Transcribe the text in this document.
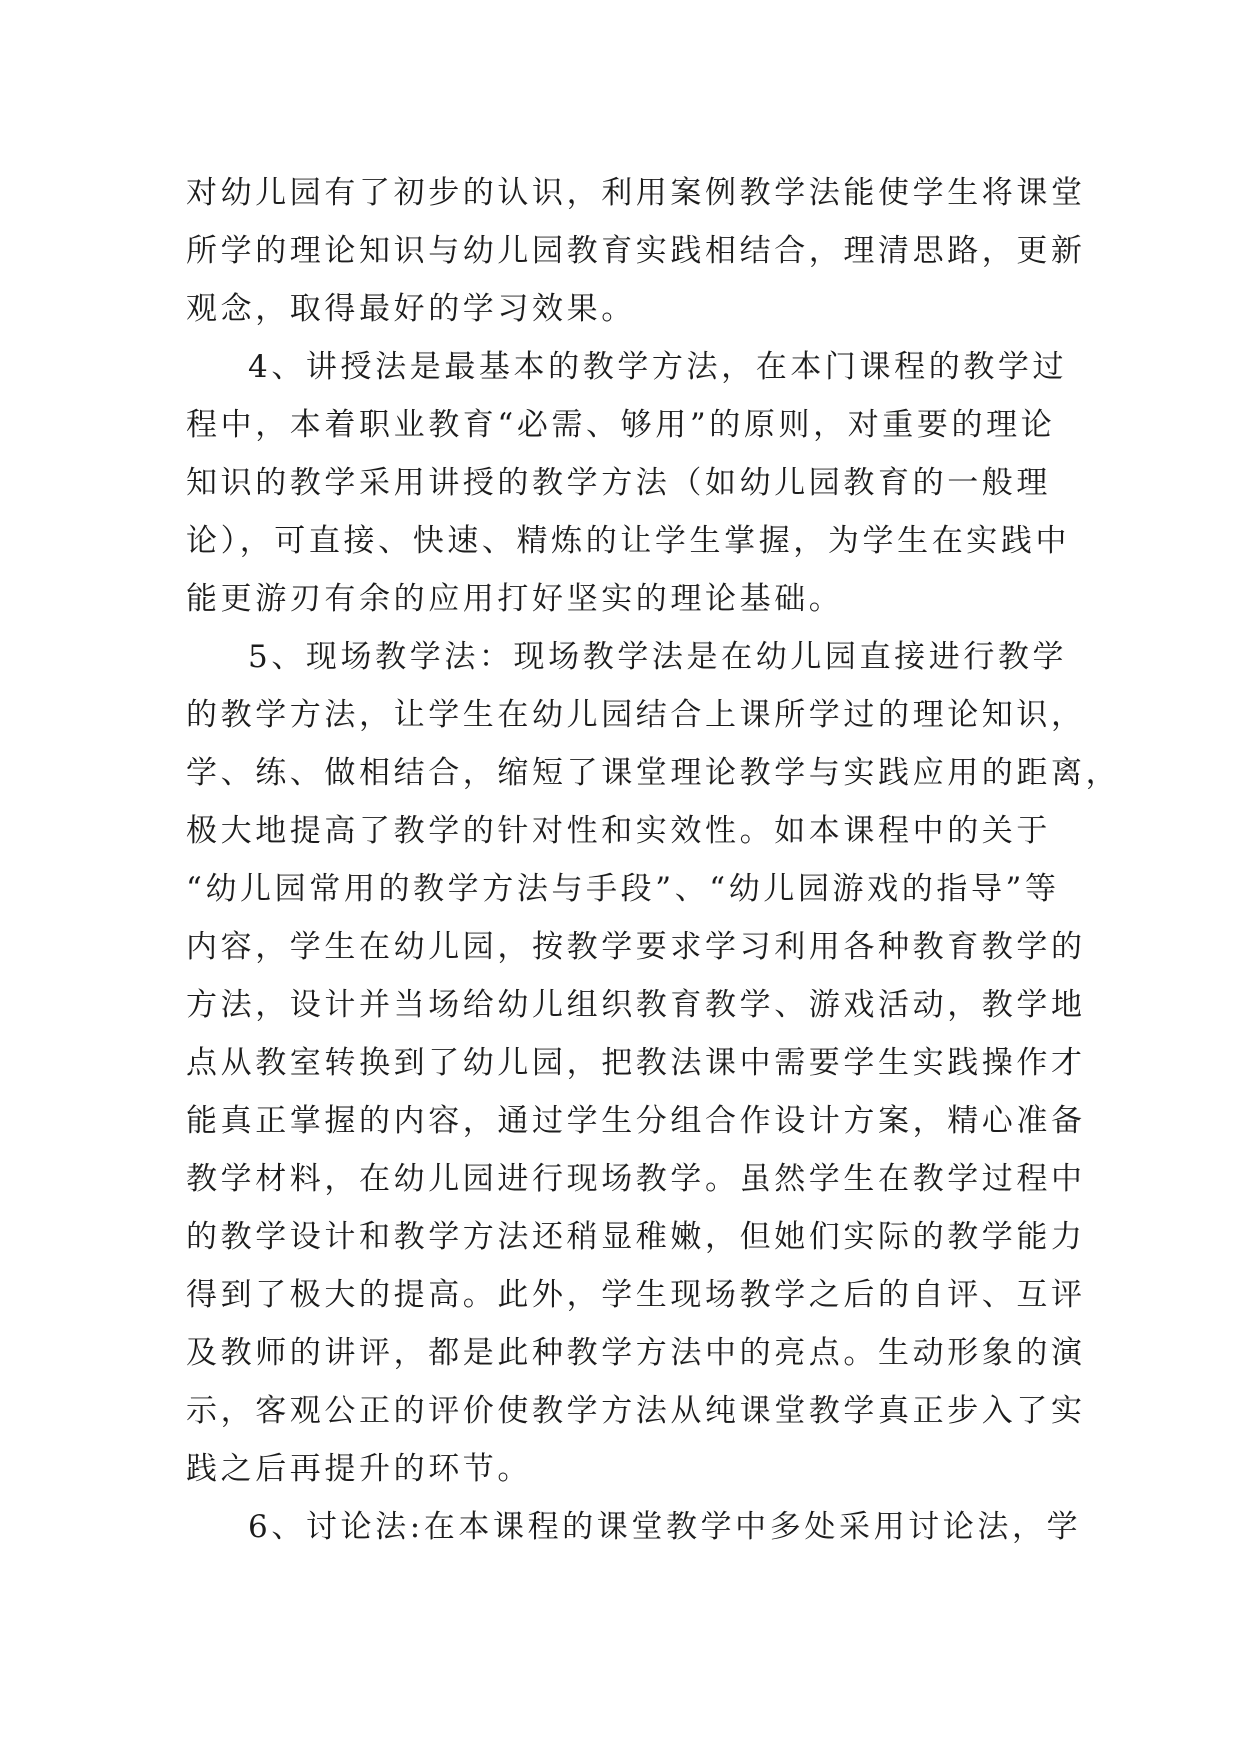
对幼儿园有了初步的认识，利用案例教学法能使学生将课堂
所学的理论知识与幼儿园教育实践相结合，理清思路，更新
观念，取得最好的学习效果。
4、讲授法是最基本的教学方法，在本门课程的教学过
程中，本着职业教育“必需、够用”的原则，对重要的理论
知识的教学采用讲授的教学方法（如幼儿园教育的一般理
论），可直接、快速、精炼的让学生掌握，为学生在实践中
能更游刃有余的应用打好坚实的理论基础。
5、现场教学法：现场教学法是在幼儿园直接进行教学
的教学方法，让学生在幼儿园结合上课所学过的理论知识，
学、练、做相结合，缩短了课堂理论教学与实践应用的距离，
极大地提高了教学的针对性和实效性。如本课程中的关于
“幼儿园常用的教学方法与手段”、“幼儿园游戏的指导”等
内容，学生在幼儿园，按教学要求学习利用各种教育教学的
方法，设计并当场给幼儿组织教育教学、游戏活动，教学地
点从教室转换到了幼儿园，把教法课中需要学生实践操作才
能真正掌握的内容，通过学生分组合作设计方案，精心准备
教学材料，在幼儿园进行现场教学。虽然学生在教学过程中
的教学设计和教学方法还稍显稚嫩，但她们实际的教学能力
得到了极大的提高。此外，学生现场教学之后的自评、互评
及教师的讲评，都是此种教学方法中的亮点。生动形象的演
示，客观公正的评价使教学方法从纯课堂教学真正步入了实
践之后再提升的环节。
6、讨论法:在本课程的课堂教学中多处采用讨论法，学
